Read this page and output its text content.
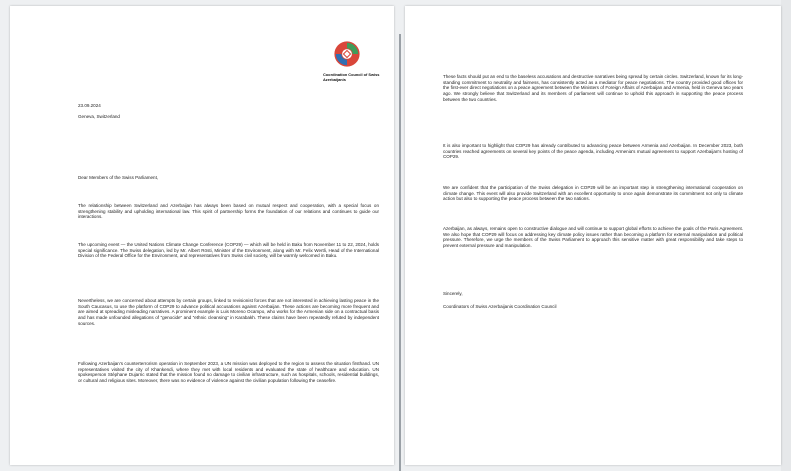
Coordination Council of Swiss Azerbaijanis

23.09.2024

Geneva, Switzerland

Dear Members of the Swiss Parliament,

The relationship between Switzerland and Azerbaijan has always been based on mutual respect and cooperation, with a special focus on strengthening stability and upholding international law. This spirit of partnership forms the foundation of our relations and continues to guide our interactions.

The upcoming event — the United Nations Climate Change Conference (COP29) — which will be held in Baku from November 11 to 22, 2024, holds special significance. The Swiss delegation, led by Mr. Albert Rösti, Minister of the Environment, along with Mr. Felix Wertli, Head of the International Division of the Federal Office for the Environment, and representatives from Swiss civil society, will be warmly welcomed in Baku.

Nevertheless, we are concerned about attempts by certain groups, linked to revisionist forces that are not interested in achieving lasting peace in the South Caucasus, to use the platform of COP29 to advance political accusations against Azerbaijan. These actions are becoming more frequent and are aimed at spreading misleading narratives. A prominent example is Luis Moreno Ocampo, who works for the Armenian side on a contractual basis and has made unfounded allegations of “genocide” and “ethnic cleansing” in Karabakh. These claims have been repeatedly refuted by independent sources.

Following Azerbaijan's counterterrorism operation in September 2023, a UN mission was deployed to the region to assess the situation firsthand. UN representatives visited the city of Khankendi, where they met with local residents and evaluated the state of healthcare and education. UN spokesperson Stéphane Dujarric stated that the mission found no damage to civilian infrastructure, such as hospitals, schools, residential buildings, or cultural and religious sites. Moreover, there was no evidence of violence against the civilian population following the ceasefire.

These facts should put an end to the baseless accusations and destructive narratives being spread by certain circles. Switzerland, known for its long-standing commitment to neutrality and fairness, has consistently acted as a mediator for peace negotiations. The country provided good offices for the first-ever direct negotiations on a peace agreement between the Ministers of Foreign Affairs of Azerbaijan and Armenia, held in Geneva two years ago. We strongly believe that Switzerland and its members of parliament will continue to uphold this approach in supporting the peace process between the two countries.

It is also important to highlight that COP29 has already contributed to advancing peace between Armenia and Azerbaijan. In December 2023, both countries reached agreements on several key points of the peace agenda, including Armenia's mutual agreement to support Azerbaijan's hosting of COP29.

We are confident that the participation of the Swiss delegation in COP29 will be an important step in strengthening international cooperation on climate change. This event will also provide Switzerland with an excellent opportunity to once again demonstrate its commitment not only to climate action but also to supporting the peace process between the two nations.

Azerbaijan, as always, remains open to constructive dialogue and will continue to support global efforts to achieve the goals of the Paris Agreement. We also hope that COP29 will focus on addressing key climate policy issues rather than becoming a platform for external manipulation and political pressure. Therefore, we urge the members of the Swiss Parliament to approach this sensitive matter with great responsibility and take steps to prevent external pressure and manipulation.

Sincerely,

Coordinators of Swiss Azerbaijanis Coordination Council
